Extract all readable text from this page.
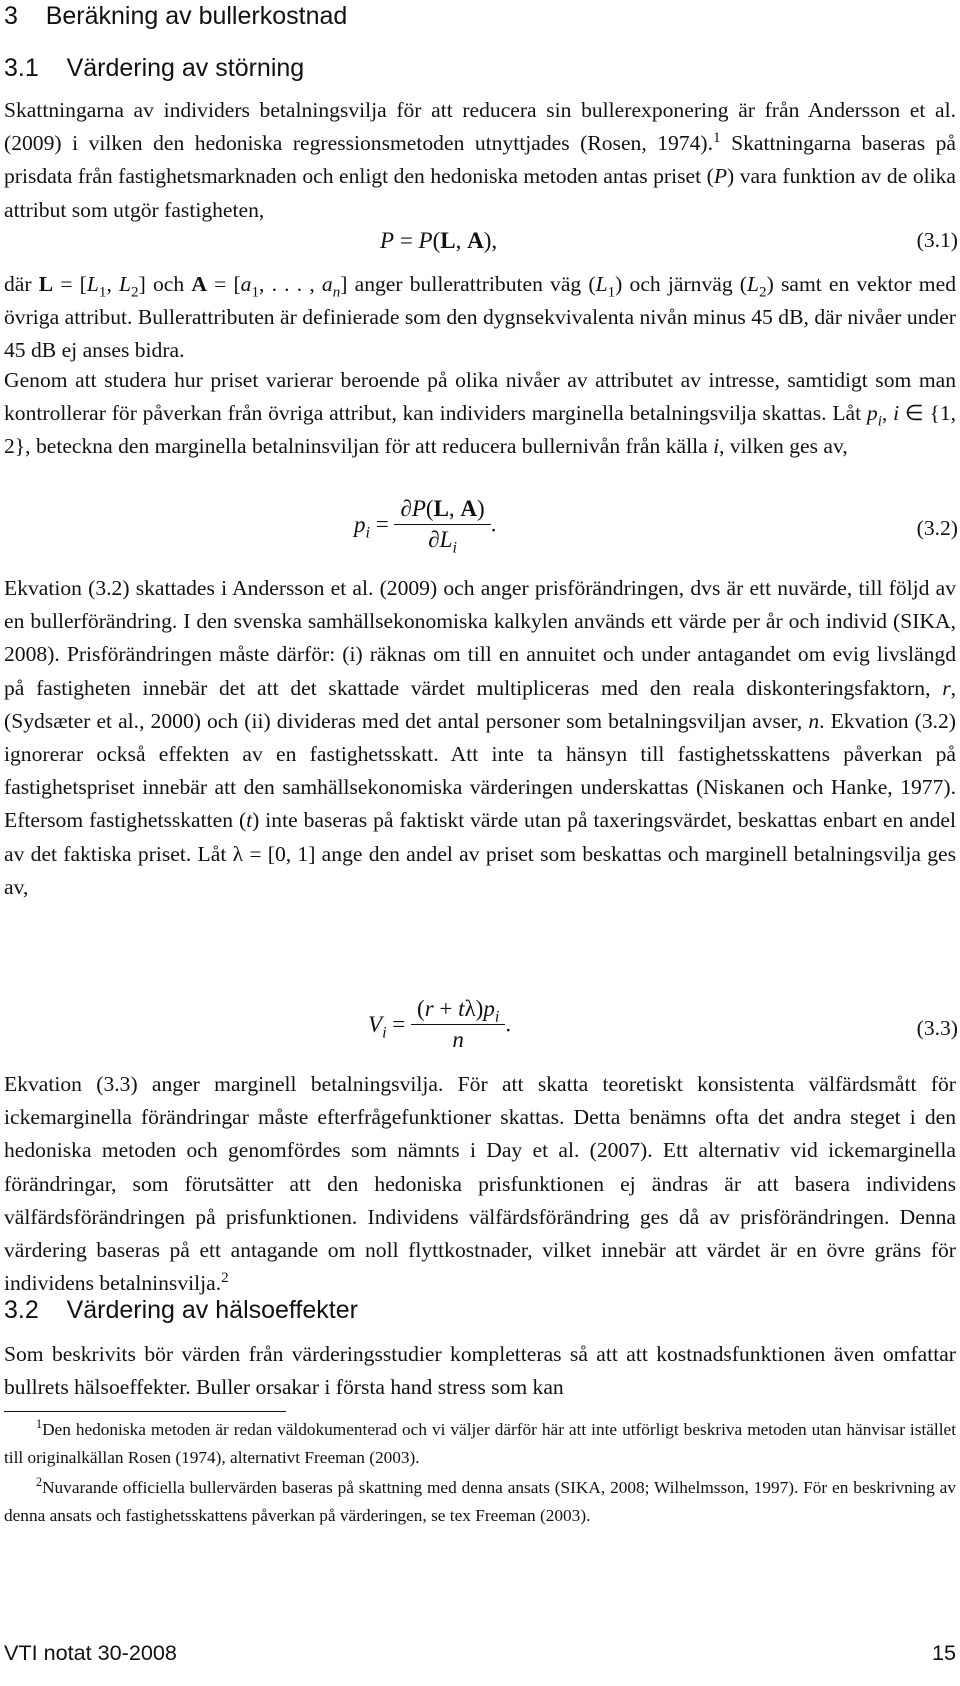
3 Beräkning av bullerkostnad
3.1 Värdering av störning

Skattningarna av individers betalningsvilja för att reducera sin bullerexponering är från Andersson et al. (2009) i vilken den hedoniska regressionsmetoden utnyttjades (Rosen, 1974).$^1$ Skattningarna baseras på prisdata från fastighetsmarknaden och enligt den hedoniska metoden antas priset (P) vara funktion av de olika attribut som utgör fastigheten,

P = P(L, A),	(3.1)

där $L = [L_1$, $L_2$] och $A = [a_1$, . . . , $a_n$] anger bullerattributen väg $(L_1)$ och järnväg $(L_2)$ samt en vektor med övriga attribut. Bullerattributen är definierade som den dygnsekvivalenta nivån minus 45 dB, där nivåer under 45 dB ej anses bidra.

Genom att studera hur priset varierar beroende på olika nivåer av attributet av intresse, samtidigt som man kontrollerar för påverkan från övriga attribut, kan individers marginella betalningsvilja skattas. Låt $p_i$, i ∈ {1, 2}, beteckna den marginella betalninsviljan för att reducera bullernivån från källa i, vilken ges av,

$p_i = \frac{\partial P(L, A)}{\partial L_i}$ .	(3.2)

Ekvation (3.2) skattades i Andersson et al. (2009) och anger prisförändringen, dvs är ett nuvärde, till följd av en bullerförändring. I den svenska samhällsekonomiska kalkylen används ett värde per år och individ (SIKA, 2008). Prisförändringen måste därför: (i) räknas om till en annuitet och under antagandet om evig livslängd på fastigheten innebär det att det skattade värdet multipliceras med den reala diskonteringsfaktorn, r, (Sydsæter et al., 2000) och (ii) divideras med det antal personer som betalningsviljan avser, n. Ekvation (3.2) ignorerar också effekten av en fastighetsskatt. Att inte ta hänsyn till fastighetsskattens påverkan på fastighetspriset innebär att den samhällsekonomiska värderingen underskattas (Niskanen och Hanke, 1977). Eftersom fastighetsskatten (t) inte baseras på faktiskt värde utan på taxeringsvärdet, beskattas enbart en andel av det faktiska priset. Låt λ = [0, 1] ange den andel av priset som beskattas och marginell betalningsvilja ges av,

$V_i = \frac{(r + t\lambda)p_i}{n}$ .	(3.3)

Ekvation (3.3) anger marginell betalningsvilja. För att skatta teoretiskt konsistenta välfärdsmått för ickemarginella förändringar måste efterfrågefunktioner skattas. Detta benämns ofta det andra steget i den hedoniska metoden och genomfördes som nämnts i Day et al. (2007). Ett alternativ vid ickemarginella förändringar, som förutsätter att den hedoniska prisfunktionen ej ändras är att basera individens välfärdsförändringen på prisfunktionen. Individens välfärdsförändring ges då av prisförändringen. Denna värdering baseras på ett antagande om noll flyttkostnader, vilket innebär att värdet är en övre gräns för individens betalninsvilja.$^2$

3.2 Värdering av hälsoeffekter

Som beskrivits bör värden från värderingsstudier kompletteras så att att kostnadsfunktionen även omfattar bullrets hälsoeffekter. Buller orsakar i första hand stress som kan

$^1$Den hedoniska metoden är redan väldokumenterad och vi väljer därför här att inte utförligt beskriva metoden utan hänvisar istället till originalkällan Rosen (1974), alternativt Freeman (2003).

$^2$Nuvarande officiella bullervärden baseras på skattning med denna ansats (SIKA, 2008; Wilhelmsson, 1997). För en beskrivning av denna ansats och fastighetsskattens påverkan på värderingen, se tex Freeman (2003).

VTI notat 30-2008	15
